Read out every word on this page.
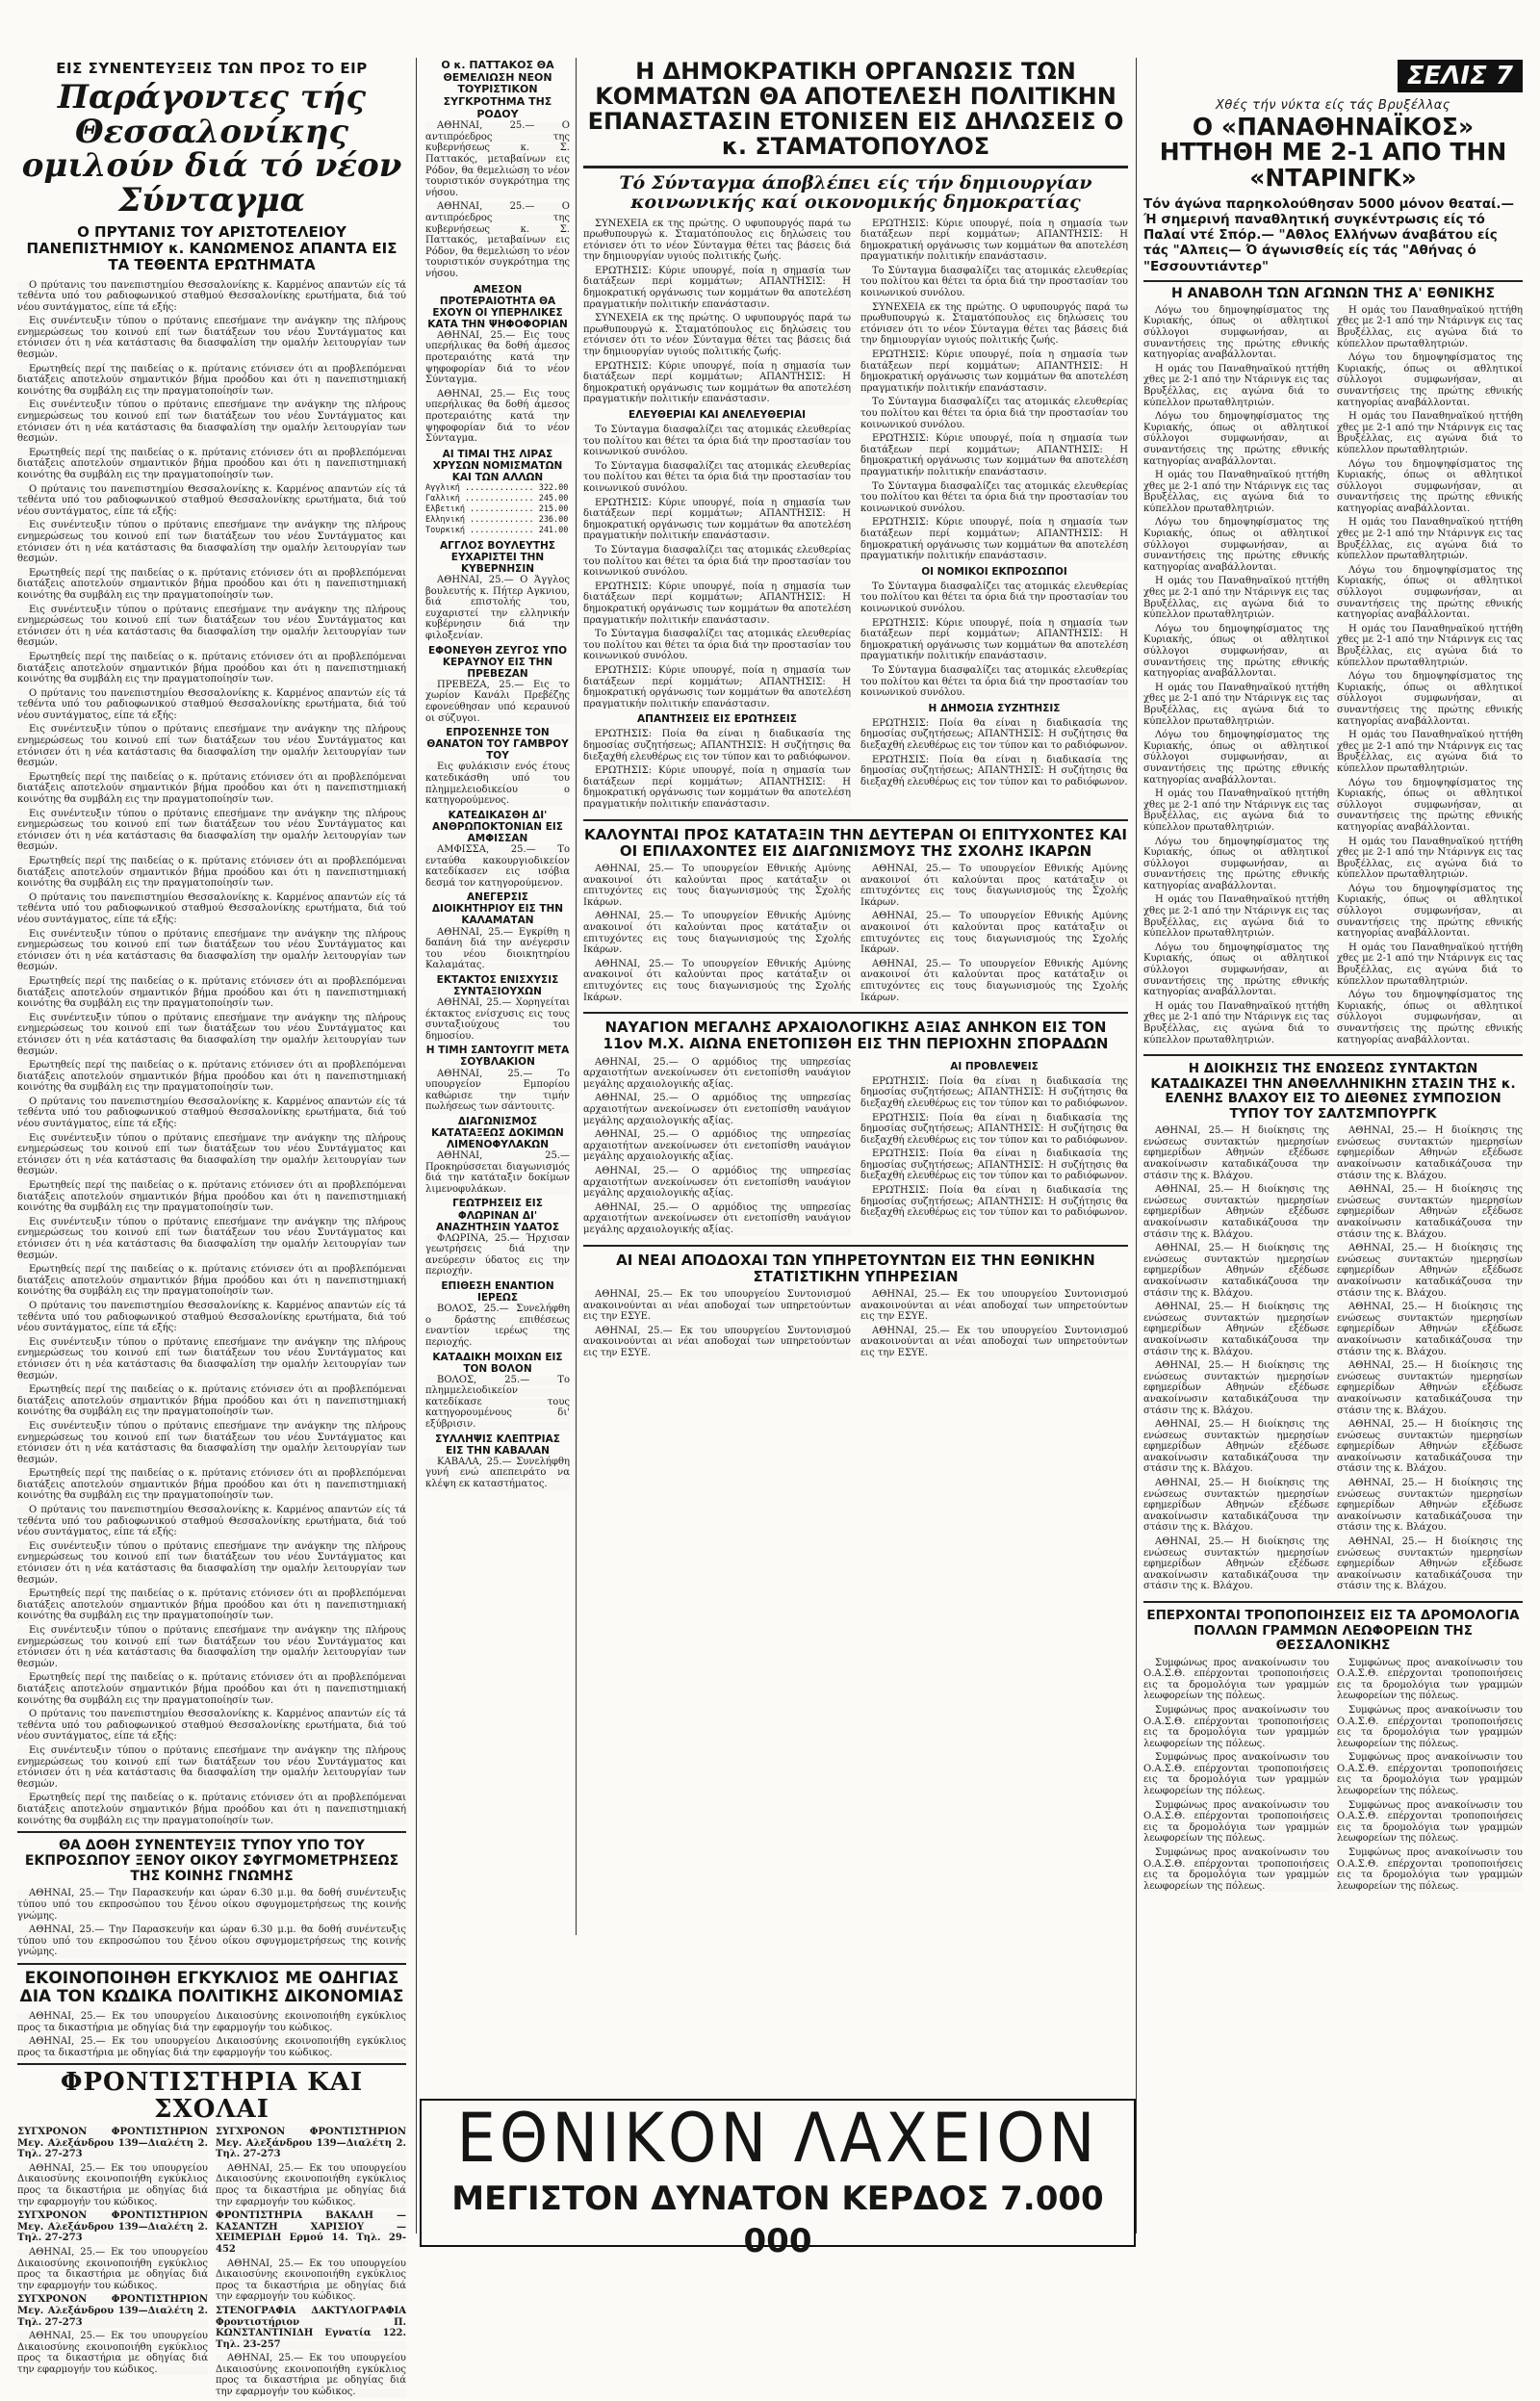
ΕΙΣ ΣΥΝΕΝΤΕΥΞΕΙΣ ΤΩΝ ΠΡΟΣ ΤΟ ΕΙΡ
Παράγοντες τής Θεσσαλονίκης ομιλούν διά τό νέον Σύνταγμα
Ο ΠΡΥΤΑΝΙΣ ΤΟΥ ΑΡΙΣΤΟΤΕΛΕΙΟΥ ΠΑΝΕΠΙΣΤΗΜΙΟΥ κ. ΚΑΝΩΜΕΝΟΣ ΑΠΑΝΤΑ ΕΙΣ ΤΑ ΤΕΘΕΝΤΑ ΕΡΩΤΗΜΑΤΑ

Ο πρύτανις του πανεπιστημίου Θεσσαλονίκης κ. Καρμένος απαντών είς τά τεθέντα υπό του ραδιοφωνικού σταθμού Θεσσαλονίκης ερωτήματα, διά τού νέου συντάγματος, είπε τά εξής:

Εις συνέντευξιν τύπου ο πρύτανις επεσήμανε την ανάγκην της πλήρους ενημερώσεως του κοινού επί των διατάξεων του νέου Συντάγματος και ετόνισεν ότι η νέα κατάστασις θα διασφαλίση την ομαλήν λειτουργίαν των θεσμών.

Ερωτηθείς περί της παιδείας ο κ. πρύτανις ετόνισεν ότι αι προβλεπόμεναι διατάξεις αποτελούν σημαντικόν βήμα προόδου και ότι η πανεπιστημιακή κοινότης θα συμβάλη εις την πραγματοποίησίν των.

Εις συνέντευξιν τύπου ο πρύτανις επεσήμανε την ανάγκην της πλήρους ενημερώσεως του κοινού επί των διατάξεων του νέου Συντάγματος και ετόνισεν ότι η νέα κατάστασις θα διασφαλίση την ομαλήν λειτουργίαν των θεσμών.

Ερωτηθείς περί της παιδείας ο κ. πρύτανις ετόνισεν ότι αι προβλεπόμεναι διατάξεις αποτελούν σημαντικόν βήμα προόδου και ότι η πανεπιστημιακή κοινότης θα συμβάλη εις την πραγματοποίησίν των.

Ο πρύτανις του πανεπιστημίου Θεσσαλονίκης κ. Καρμένος απαντών είς τά τεθέντα υπό του ραδιοφωνικού σταθμού Θεσσαλονίκης ερωτήματα, διά τού νέου συντάγματος, είπε τά εξής:

Εις συνέντευξιν τύπου ο πρύτανις επεσήμανε την ανάγκην της πλήρους ενημερώσεως του κοινού επί των διατάξεων του νέου Συντάγματος και ετόνισεν ότι η νέα κατάστασις θα διασφαλίση την ομαλήν λειτουργίαν των θεσμών.

Ερωτηθείς περί της παιδείας ο κ. πρύτανις ετόνισεν ότι αι προβλεπόμεναι διατάξεις αποτελούν σημαντικόν βήμα προόδου και ότι η πανεπιστημιακή κοινότης θα συμβάλη εις την πραγματοποίησίν των.

Εις συνέντευξιν τύπου ο πρύτανις επεσήμανε την ανάγκην της πλήρους ενημερώσεως του κοινού επί των διατάξεων του νέου Συντάγματος και ετόνισεν ότι η νέα κατάστασις θα διασφαλίση την ομαλήν λειτουργίαν των θεσμών.

Ερωτηθείς περί της παιδείας ο κ. πρύτανις ετόνισεν ότι αι προβλεπόμεναι διατάξεις αποτελούν σημαντικόν βήμα προόδου και ότι η πανεπιστημιακή κοινότης θα συμβάλη εις την πραγματοποίησίν των.

Ο πρύτανις του πανεπιστημίου Θεσσαλονίκης κ. Καρμένος απαντών είς τά τεθέντα υπό του ραδιοφωνικού σταθμού Θεσσαλονίκης ερωτήματα, διά τού νέου συντάγματος, είπε τά εξής:

Εις συνέντευξιν τύπου ο πρύτανις επεσήμανε την ανάγκην της πλήρους ενημερώσεως του κοινού επί των διατάξεων του νέου Συντάγματος και ετόνισεν ότι η νέα κατάστασις θα διασφαλίση την ομαλήν λειτουργίαν των θεσμών.

Ερωτηθείς περί της παιδείας ο κ. πρύτανις ετόνισεν ότι αι προβλεπόμεναι διατάξεις αποτελούν σημαντικόν βήμα προόδου και ότι η πανεπιστημιακή κοινότης θα συμβάλη εις την πραγματοποίησίν των.

Εις συνέντευξιν τύπου ο πρύτανις επεσήμανε την ανάγκην της πλήρους ενημερώσεως του κοινού επί των διατάξεων του νέου Συντάγματος και ετόνισεν ότι η νέα κατάστασις θα διασφαλίση την ομαλήν λειτουργίαν των θεσμών.

Ερωτηθείς περί της παιδείας ο κ. πρύτανις ετόνισεν ότι αι προβλεπόμεναι διατάξεις αποτελούν σημαντικόν βήμα προόδου και ότι η πανεπιστημιακή κοινότης θα συμβάλη εις την πραγματοποίησίν των.

Ο πρύτανις του πανεπιστημίου Θεσσαλονίκης κ. Καρμένος απαντών είς τά τεθέντα υπό του ραδιοφωνικού σταθμού Θεσσαλονίκης ερωτήματα, διά τού νέου συντάγματος, είπε τά εξής:

Εις συνέντευξιν τύπου ο πρύτανις επεσήμανε την ανάγκην της πλήρους ενημερώσεως του κοινού επί των διατάξεων του νέου Συντάγματος και ετόνισεν ότι η νέα κατάστασις θα διασφαλίση την ομαλήν λειτουργίαν των θεσμών.

Ερωτηθείς περί της παιδείας ο κ. πρύτανις ετόνισεν ότι αι προβλεπόμεναι διατάξεις αποτελούν σημαντικόν βήμα προόδου και ότι η πανεπιστημιακή κοινότης θα συμβάλη εις την πραγματοποίησίν των.

Εις συνέντευξιν τύπου ο πρύτανις επεσήμανε την ανάγκην της πλήρους ενημερώσεως του κοινού επί των διατάξεων του νέου Συντάγματος και ετόνισεν ότι η νέα κατάστασις θα διασφαλίση την ομαλήν λειτουργίαν των θεσμών.

Ερωτηθείς περί της παιδείας ο κ. πρύτανις ετόνισεν ότι αι προβλεπόμεναι διατάξεις αποτελούν σημαντικόν βήμα προόδου και ότι η πανεπιστημιακή κοινότης θα συμβάλη εις την πραγματοποίησίν των.

Ο πρύτανις του πανεπιστημίου Θεσσαλονίκης κ. Καρμένος απαντών είς τά τεθέντα υπό του ραδιοφωνικού σταθμού Θεσσαλονίκης ερωτήματα, διά τού νέου συντάγματος, είπε τά εξής:

Εις συνέντευξιν τύπου ο πρύτανις επεσήμανε την ανάγκην της πλήρους ενημερώσεως του κοινού επί των διατάξεων του νέου Συντάγματος και ετόνισεν ότι η νέα κατάστασις θα διασφαλίση την ομαλήν λειτουργίαν των θεσμών.

Ερωτηθείς περί της παιδείας ο κ. πρύτανις ετόνισεν ότι αι προβλεπόμεναι διατάξεις αποτελούν σημαντικόν βήμα προόδου και ότι η πανεπιστημιακή κοινότης θα συμβάλη εις την πραγματοποίησίν των.

Εις συνέντευξιν τύπου ο πρύτανις επεσήμανε την ανάγκην της πλήρους ενημερώσεως του κοινού επί των διατάξεων του νέου Συντάγματος και ετόνισεν ότι η νέα κατάστασις θα διασφαλίση την ομαλήν λειτουργίαν των θεσμών.

Ερωτηθείς περί της παιδείας ο κ. πρύτανις ετόνισεν ότι αι προβλεπόμεναι διατάξεις αποτελούν σημαντικόν βήμα προόδου και ότι η πανεπιστημιακή κοινότης θα συμβάλη εις την πραγματοποίησίν των.

Ο πρύτανις του πανεπιστημίου Θεσσαλονίκης κ. Καρμένος απαντών είς τά τεθέντα υπό του ραδιοφωνικού σταθμού Θεσσαλονίκης ερωτήματα, διά τού νέου συντάγματος, είπε τά εξής:

Εις συνέντευξιν τύπου ο πρύτανις επεσήμανε την ανάγκην της πλήρους ενημερώσεως του κοινού επί των διατάξεων του νέου Συντάγματος και ετόνισεν ότι η νέα κατάστασις θα διασφαλίση την ομαλήν λειτουργίαν των θεσμών.

Ερωτηθείς περί της παιδείας ο κ. πρύτανις ετόνισεν ότι αι προβλεπόμεναι διατάξεις αποτελούν σημαντικόν βήμα προόδου και ότι η πανεπιστημιακή κοινότης θα συμβάλη εις την πραγματοποίησίν των.

Εις συνέντευξιν τύπου ο πρύτανις επεσήμανε την ανάγκην της πλήρους ενημερώσεως του κοινού επί των διατάξεων του νέου Συντάγματος και ετόνισεν ότι η νέα κατάστασις θα διασφαλίση την ομαλήν λειτουργίαν των θεσμών.

Ερωτηθείς περί της παιδείας ο κ. πρύτανις ετόνισεν ότι αι προβλεπόμεναι διατάξεις αποτελούν σημαντικόν βήμα προόδου και ότι η πανεπιστημιακή κοινότης θα συμβάλη εις την πραγματοποίησίν των.

Ο πρύτανις του πανεπιστημίου Θεσσαλονίκης κ. Καρμένος απαντών είς τά τεθέντα υπό του ραδιοφωνικού σταθμού Θεσσαλονίκης ερωτήματα, διά τού νέου συντάγματος, είπε τά εξής:

Εις συνέντευξιν τύπου ο πρύτανις επεσήμανε την ανάγκην της πλήρους ενημερώσεως του κοινού επί των διατάξεων του νέου Συντάγματος και ετόνισεν ότι η νέα κατάστασις θα διασφαλίση την ομαλήν λειτουργίαν των θεσμών.

Ερωτηθείς περί της παιδείας ο κ. πρύτανις ετόνισεν ότι αι προβλεπόμεναι διατάξεις αποτελούν σημαντικόν βήμα προόδου και ότι η πανεπιστημιακή κοινότης θα συμβάλη εις την πραγματοποίησίν των.

Εις συνέντευξιν τύπου ο πρύτανις επεσήμανε την ανάγκην της πλήρους ενημερώσεως του κοινού επί των διατάξεων του νέου Συντάγματος και ετόνισεν ότι η νέα κατάστασις θα διασφαλίση την ομαλήν λειτουργίαν των θεσμών.

Ερωτηθείς περί της παιδείας ο κ. πρύτανις ετόνισεν ότι αι προβλεπόμεναι διατάξεις αποτελούν σημαντικόν βήμα προόδου και ότι η πανεπιστημιακή κοινότης θα συμβάλη εις την πραγματοποίησίν των.

Ο πρύτανις του πανεπιστημίου Θεσσαλονίκης κ. Καρμένος απαντών είς τά τεθέντα υπό του ραδιοφωνικού σταθμού Θεσσαλονίκης ερωτήματα, διά τού νέου συντάγματος, είπε τά εξής:

Εις συνέντευξιν τύπου ο πρύτανις επεσήμανε την ανάγκην της πλήρους ενημερώσεως του κοινού επί των διατάξεων του νέου Συντάγματος και ετόνισεν ότι η νέα κατάστασις θα διασφαλίση την ομαλήν λειτουργίαν των θεσμών.

Ερωτηθείς περί της παιδείας ο κ. πρύτανις ετόνισεν ότι αι προβλεπόμεναι διατάξεις αποτελούν σημαντικόν βήμα προόδου και ότι η πανεπιστημιακή κοινότης θα συμβάλη εις την πραγματοποίησίν των.

ΘΑ ΔΟΘΗ ΣΥΝΕΝΤΕΥΞΙΣ ΤΥΠΟΥ ΥΠΟ ΤΟΥ ΕΚΠΡΟΣΩΠΟΥ ΞΕΝΟΥ ΟΙΚΟΥ ΣΦΥΓΜΟΜΕΤΡΗΣΕΩΣ ΤΗΣ ΚΟΙΝΗΣ ΓΝΩΜΗΣ

ΑΘΗΝΑΙ, 25.— Την Παρασκευήν και ώραν 6.30 μ.μ. θα δοθή συνέντευξις τύπου υπό του εκπροσώπου του ξένου οίκου σφυγμομετρήσεως της κοινής γνώμης.

ΑΘΗΝΑΙ, 25.— Την Παρασκευήν και ώραν 6.30 μ.μ. θα δοθή συνέντευξις τύπου υπό του εκπροσώπου του ξένου οίκου σφυγμομετρήσεως της κοινής γνώμης.

ΕΚΟΙΝΟΠΟΙΗΘΗ ΕΓΚΥΚΛΙΟΣ ΜΕ ΟΔΗΓΙΑΣ ΔΙΑ ΤΟΝ ΚΩΔΙΚΑ ΠΟΛΙΤΙΚΗΣ ΔΙΚΟΝΟΜΙΑΣ

ΑΘΗΝΑΙ, 25.— Εκ του υπουργείου Δικαιοσύνης εκοινοποιήθη εγκύκλιος προς τα δικαστήρια με οδηγίας διά την εφαρμογήν του κώδικος.

ΑΘΗΝΑΙ, 25.— Εκ του υπουργείου Δικαιοσύνης εκοινοποιήθη εγκύκλιος προς τα δικαστήρια με οδηγίας διά την εφαρμογήν του κώδικος.

ΦΡΟΝΤΙΣΤΗΡΙΑ ΚΑΙ ΣΧΟΛΑΙ

ΣΥΓΧΡΟΝΟΝ ΦΡΟΝΤΙΣΤΗΡΙΟΝ Μεγ. Αλεξάνδρου 139—Διαλέτη 2. Τηλ. 27-273

ΑΘΗΝΑΙ, 25.— Εκ του υπουργείου Δικαιοσύνης εκοινοποιήθη εγκύκλιος προς τα δικαστήρια με οδηγίας διά την εφαρμογήν του κώδικος.

ΣΥΓΧΡΟΝΟΝ ΦΡΟΝΤΙΣΤΗΡΙΟΝ Μεγ. Αλεξάνδρου 139—Διαλέτη 2. Τηλ. 27-273

ΑΘΗΝΑΙ, 25.— Εκ του υπουργείου Δικαιοσύνης εκοινοποιήθη εγκύκλιος προς τα δικαστήρια με οδηγίας διά την εφαρμογήν του κώδικος.

ΣΥΓΧΡΟΝΟΝ ΦΡΟΝΤΙΣΤΗΡΙΟΝ Μεγ. Αλεξάνδρου 139—Διαλέτη 2. Τηλ. 27-273

ΑΘΗΝΑΙ, 25.— Εκ του υπουργείου Δικαιοσύνης εκοινοποιήθη εγκύκλιος προς τα δικαστήρια με οδηγίας διά την εφαρμογήν του κώδικος.

ΣΥΓΧΡΟΝΟΝ ΦΡΟΝΤΙΣΤΗΡΙΟΝ Μεγ. Αλεξάνδρου 139—Διαλέτη 2. Τηλ. 27-273

ΑΘΗΝΑΙ, 25.— Εκ του υπουργείου Δικαιοσύνης εκοινοποιήθη εγκύκλιος προς τα δικαστήρια με οδηγίας διά την εφαρμογήν του κώδικος.

ΦΡΟΝΤΙΣΤΗΡΙΑ ΒΑΚΑΛΗ — ΚΑΣΑΝΤΖΗ ΧΑΡΙΣΙΟΥ — ΧΕΙΜΕΡΙΔΗ Ερμού 14. Τηλ. 29-452

ΑΘΗΝΑΙ, 25.— Εκ του υπουργείου Δικαιοσύνης εκοινοποιήθη εγκύκλιος προς τα δικαστήρια με οδηγίας διά την εφαρμογήν του κώδικος.

ΣΤΕΝΟΓΡΑΦΙΑ ΔΑΚΤΥΛΟΓΡΑΦΙΑ Φροντιστήριον Π. ΚΩΝΣΤΑΝΤΙΝΙΔΗ Εγνατία 122. Τηλ. 23-257

ΑΘΗΝΑΙ, 25.— Εκ του υπουργείου Δικαιοσύνης εκοινοποιήθη εγκύκλιος προς τα δικαστήρια με οδηγίας διά την εφαρμογήν του κώδικος.

Ο κ. ΠΑΤΤΑΚΟΣ ΘΑ ΘΕΜΕΛΙΩΣΗ ΝΕΟΝ ΤΟΥΡΙΣΤΙΚΟΝ ΣΥΓΚΡΟΤΗΜΑ ΤΗΣ ΡΟΔΟΥ

ΑΘΗΝΑΙ, 25.— Ο αντιπρόεδρος της κυβερνήσεως κ. Σ. Παττακός, μεταβαίνων εις Ρόδον, θα θεμελιώση το νέον τουριστικόν συγκρότημα της νήσου.

ΑΘΗΝΑΙ, 25.— Ο αντιπρόεδρος της κυβερνήσεως κ. Σ. Παττακός, μεταβαίνων εις Ρόδον, θα θεμελιώση το νέον τουριστικόν συγκρότημα της νήσου.

ΑΜΕΣΟΝ ΠΡΟΤΕΡΑΙΟΤΗΤΑ ΘΑ ΕΧΟΥΝ ΟΙ ΥΠΕΡΗΛΙΚΕΣ ΚΑΤΑ ΤΗΝ ΨΗΦΟΦΟΡΙΑΝ

ΑΘΗΝΑΙ, 25.— Εις τους υπερήλικας θα δοθή άμεσος προτεραιότης κατά την ψηφοφορίαν διά το νέον Σύνταγμα.

ΑΘΗΝΑΙ, 25.— Εις τους υπερήλικας θα δοθή άμεσος προτεραιότης κατά την ψηφοφορίαν διά το νέον Σύνταγμα.

ΑΙ ΤΙΜΑΙ ΤΗΣ ΛΙΡΑΣ ΧΡΥΣΩΝ ΝΟΜΙΣΜΑΤΩΝ ΚΑΙ ΤΩΝ ΑΛΛΩΝ
Αγγλική .............. 322.00
Γαλλική .............. 245.00
Ελβετική ............. 215.00
Ελληνική ............. 236.00
Τουρκική ............. 241.00
ΑΓΓΛΟΣ ΒΟΥΛΕΥΤΗΣ ΕΥΧΑΡΙΣΤΕΙ ΤΗΝ ΚΥΒΕΡΝΗΣΙΝ

ΑΘΗΝΑΙ, 25.— Ο Άγγλος βουλευτής κ. Πήτερ Αγκνιου, διά επιστολής του, ευχαριστεί την ελληνικήν κυβέρνησιν διά την φιλοξενίαν.

ΕΦΟΝΕΥΘΗ ΖΕΥΓΟΣ ΥΠΟ ΚΕΡΑΥΝΟΥ ΕΙΣ ΤΗΝ ΠΡΕΒΕΖΑΝ

ΠΡΕΒΕΖΑ, 25.— Εις το χωρίον Κανάλι Πρεβέζης εφονεύθησαν υπό κεραυνού οι σύζυγοι.

ΕΠΡΟΣΕΝΗΣΕ ΤΟΝ ΘΑΝΑΤΟΝ ΤΟΥ ΓΑΜΒΡΟΥ ΤΟΥ

Εις φυλάκισιν ενός έτους κατεδικάσθη υπό του πλημμελειοδικείου ο κατηγορούμενος.

ΚΑΤΕΔΙΚΑΣΘΗ ΔΙ' ΑΝΘΡΩΠΟΚΤΟΝΙΑΝ ΕΙΣ ΑΜΦΙΣΣΑΝ

ΑΜΦΙΣΣΑ, 25.— Το ενταύθα κακουργιοδικείον κατεδίκασεν εις ισόβια δεσμά τον κατηγορούμενον.

ΑΝΕΓΕΡΣΙΣ ΔΙΟΙΚΗΤΗΡΙΟΥ ΕΙΣ ΤΗΝ ΚΑΛΑΜΑΤΑΝ

ΑΘΗΝΑΙ, 25.— Εγκρίθη η δαπάνη διά την ανέγερσιν του νέου διοικητηρίου Καλαμάτας.

ΕΚΤΑΚΤΟΣ ΕΝΙΣΧΥΣΙΣ ΣΥΝΤΑΞΙΟΥΧΩΝ

ΑΘΗΝΑΙ, 25.— Χορηγείται έκτακτος ενίσχυσις εις τους συνταξιούχους του δημοσίου.

Η ΤΙΜΗ ΣΑΝΤΟΥΓΙΤ ΜΕΤΑ ΣΟΥΒΛΑΚΙΟΝ

ΑΘΗΝΑΙ, 25.— Το υπουργείον Εμπορίου καθώρισε την τιμήν πωλήσεως των σάντουιτς.

ΔΙΑΓΩΝΙΣΜΟΣ ΚΑΤΑΤΑΞΕΩΣ ΔΟΚΙΜΩΝ ΛΙΜΕΝΟΦΥΛΑΚΩΝ

ΑΘΗΝΑΙ, 25.— Προκηρύσσεται διαγωνισμός διά την κατάταξιν δοκίμων λιμενοφυλάκων.

ΓΕΩΤΡΗΣΕΙΣ ΕΙΣ ΦΛΩΡΙΝΑΝ ΔΙ' ΑΝΑΖΗΤΗΣΙΝ ΥΔΑΤΟΣ

ΦΛΩΡΙΝΑ, 25.— Ήρχισαν γεωτρήσεις διά την ανεύρεσιν ύδατος εις την περιοχήν.

ΕΠΙΘΕΣΗ ΕΝΑΝΤΙΟΝ ΙΕΡΕΩΣ

ΒΟΛΟΣ, 25.— Συνελήφθη ο δράστης επιθέσεως εναντίον ιερέως της περιοχής.

ΚΑΤΑΔΙΚΗ ΜΟΙΧΩΝ ΕΙΣ ΤΟΝ ΒΟΛΟΝ

ΒΟΛΟΣ, 25.— Το πλημμελειοδικείον κατεδίκασε τους κατηγορουμένους δι' εξύβρισιν.

ΣΥΛΛΗΨΙΣ ΚΛΕΠΤΡΙΑΣ ΕΙΣ ΤΗΝ ΚΑΒΑΛΑΝ

ΚΑΒΑΛΑ, 25.— Συνελήφθη γυνή ενώ απεπειράτο να κλέψη εκ καταστήματος.

Η ΔΗΜΟΚΡΑΤΙΚΗ ΟΡΓΑΝΩΣΙΣ ΤΩΝ ΚΟΜΜΑΤΩΝ ΘΑ ΑΠΟΤΕΛΕΣΗ ΠΟΛΙΤΙΚΗΝ ΕΠΑΝΑΣΤΑΣΙΝ ΕΤΟΝΙΣΕΝ ΕΙΣ ΔΗΛΩΣΕΙΣ Ο κ. ΣΤΑΜΑΤΟΠΟΥΛΟΣ
Τό Σύνταγμα άποβλέπει είς τήν δημιουργίαν κοινωνικής καί οικονομικής δημοκρατίας

ΣΥΝΕΧΕΙΑ εκ της πρώτης. Ο υφυπουργός παρά τω πρωθυπουργώ κ. Σταματόπουλος εις δηλώσεις του ετόνισεν ότι το νέον Σύνταγμα θέτει τας βάσεις διά την δημιουργίαν υγιούς πολιτικής ζωής.

ΕΡΩΤΗΣΙΣ: Κύριε υπουργέ, ποία η σημασία των διατάξεων περί κομμάτων; ΑΠΑΝΤΗΣΙΣ: Η δημοκρατική οργάνωσις των κομμάτων θα αποτελέση πραγματικήν πολιτικήν επανάστασιν.

ΣΥΝΕΧΕΙΑ εκ της πρώτης. Ο υφυπουργός παρά τω πρωθυπουργώ κ. Σταματόπουλος εις δηλώσεις του ετόνισεν ότι το νέον Σύνταγμα θέτει τας βάσεις διά την δημιουργίαν υγιούς πολιτικής ζωής.

ΕΡΩΤΗΣΙΣ: Κύριε υπουργέ, ποία η σημασία των διατάξεων περί κομμάτων; ΑΠΑΝΤΗΣΙΣ: Η δημοκρατική οργάνωσις των κομμάτων θα αποτελέση πραγματικήν πολιτικήν επανάστασιν.

ΕΛΕΥΘΕΡΙΑΙ ΚΑΙ ΑΝΕΛΕΥΘΕΡΙΑΙ

Το Σύνταγμα διασφαλίζει τας ατομικάς ελευθερίας του πολίτου και θέτει τα όρια διά την προστασίαν του κοινωνικού συνόλου.

Το Σύνταγμα διασφαλίζει τας ατομικάς ελευθερίας του πολίτου και θέτει τα όρια διά την προστασίαν του κοινωνικού συνόλου.

ΕΡΩΤΗΣΙΣ: Κύριε υπουργέ, ποία η σημασία των διατάξεων περί κομμάτων; ΑΠΑΝΤΗΣΙΣ: Η δημοκρατική οργάνωσις των κομμάτων θα αποτελέση πραγματικήν πολιτικήν επανάστασιν.

Το Σύνταγμα διασφαλίζει τας ατομικάς ελευθερίας του πολίτου και θέτει τα όρια διά την προστασίαν του κοινωνικού συνόλου.

ΕΡΩΤΗΣΙΣ: Κύριε υπουργέ, ποία η σημασία των διατάξεων περί κομμάτων; ΑΠΑΝΤΗΣΙΣ: Η δημοκρατική οργάνωσις των κομμάτων θα αποτελέση πραγματικήν πολιτικήν επανάστασιν.

Το Σύνταγμα διασφαλίζει τας ατομικάς ελευθερίας του πολίτου και θέτει τα όρια διά την προστασίαν του κοινωνικού συνόλου.

ΕΡΩΤΗΣΙΣ: Κύριε υπουργέ, ποία η σημασία των διατάξεων περί κομμάτων; ΑΠΑΝΤΗΣΙΣ: Η δημοκρατική οργάνωσις των κομμάτων θα αποτελέση πραγματικήν πολιτικήν επανάστασιν.

ΑΠΑΝΤΗΣΕΙΣ ΕΙΣ ΕΡΩΤΗΣΕΙΣ

ΕΡΩΤΗΣΙΣ: Ποία θα είναι η διαδικασία της δημοσίας συζητήσεως; ΑΠΑΝΤΗΣΙΣ: Η συζήτησις θα διεξαχθή ελευθέρως εις τον τύπον και το ραδιόφωνον.

ΕΡΩΤΗΣΙΣ: Κύριε υπουργέ, ποία η σημασία των διατάξεων περί κομμάτων; ΑΠΑΝΤΗΣΙΣ: Η δημοκρατική οργάνωσις των κομμάτων θα αποτελέση πραγματικήν πολιτικήν επανάστασιν.

ΕΡΩΤΗΣΙΣ: Κύριε υπουργέ, ποία η σημασία των διατάξεων περί κομμάτων; ΑΠΑΝΤΗΣΙΣ: Η δημοκρατική οργάνωσις των κομμάτων θα αποτελέση πραγματικήν πολιτικήν επανάστασιν.

Το Σύνταγμα διασφαλίζει τας ατομικάς ελευθερίας του πολίτου και θέτει τα όρια διά την προστασίαν του κοινωνικού συνόλου.

ΣΥΝΕΧΕΙΑ εκ της πρώτης. Ο υφυπουργός παρά τω πρωθυπουργώ κ. Σταματόπουλος εις δηλώσεις του ετόνισεν ότι το νέον Σύνταγμα θέτει τας βάσεις διά την δημιουργίαν υγιούς πολιτικής ζωής.

ΕΡΩΤΗΣΙΣ: Κύριε υπουργέ, ποία η σημασία των διατάξεων περί κομμάτων; ΑΠΑΝΤΗΣΙΣ: Η δημοκρατική οργάνωσις των κομμάτων θα αποτελέση πραγματικήν πολιτικήν επανάστασιν.

Το Σύνταγμα διασφαλίζει τας ατομικάς ελευθερίας του πολίτου και θέτει τα όρια διά την προστασίαν του κοινωνικού συνόλου.

ΕΡΩΤΗΣΙΣ: Κύριε υπουργέ, ποία η σημασία των διατάξεων περί κομμάτων; ΑΠΑΝΤΗΣΙΣ: Η δημοκρατική οργάνωσις των κομμάτων θα αποτελέση πραγματικήν πολιτικήν επανάστασιν.

Το Σύνταγμα διασφαλίζει τας ατομικάς ελευθερίας του πολίτου και θέτει τα όρια διά την προστασίαν του κοινωνικού συνόλου.

ΕΡΩΤΗΣΙΣ: Κύριε υπουργέ, ποία η σημασία των διατάξεων περί κομμάτων; ΑΠΑΝΤΗΣΙΣ: Η δημοκρατική οργάνωσις των κομμάτων θα αποτελέση πραγματικήν πολιτικήν επανάστασιν.

ΟΙ ΝΟΜΙΚΟΙ ΕΚΠΡΟΣΩΠΟΙ

Το Σύνταγμα διασφαλίζει τας ατομικάς ελευθερίας του πολίτου και θέτει τα όρια διά την προστασίαν του κοινωνικού συνόλου.

ΕΡΩΤΗΣΙΣ: Κύριε υπουργέ, ποία η σημασία των διατάξεων περί κομμάτων; ΑΠΑΝΤΗΣΙΣ: Η δημοκρατική οργάνωσις των κομμάτων θα αποτελέση πραγματικήν πολιτικήν επανάστασιν.

Το Σύνταγμα διασφαλίζει τας ατομικάς ελευθερίας του πολίτου και θέτει τα όρια διά την προστασίαν του κοινωνικού συνόλου.

Η ΔΗΜΟΣΙΑ ΣΥΖΗΤΗΣΙΣ

ΕΡΩΤΗΣΙΣ: Ποία θα είναι η διαδικασία της δημοσίας συζητήσεως; ΑΠΑΝΤΗΣΙΣ: Η συζήτησις θα διεξαχθή ελευθέρως εις τον τύπον και το ραδιόφωνον.

ΕΡΩΤΗΣΙΣ: Ποία θα είναι η διαδικασία της δημοσίας συζητήσεως; ΑΠΑΝΤΗΣΙΣ: Η συζήτησις θα διεξαχθή ελευθέρως εις τον τύπον και το ραδιόφωνον.

ΚΑΛΟΥΝΤΑΙ ΠΡΟΣ ΚΑΤΑΤΑΞΙΝ ΤΗΝ ΔΕΥΤΕΡΑΝ ΟΙ ΕΠΙΤΥΧΟΝΤΕΣ ΚΑΙ ΟΙ ΕΠΙΛΑΧΟΝΤΕΣ ΕΙΣ ΔΙΑΓΩΝΙΣΜΟΥΣ ΤΗΣ ΣΧΟΛΗΣ ΙΚΑΡΩΝ

ΑΘΗΝΑΙ, 25.— Το υπουργείον Εθνικής Αμύνης ανακοινοί ότι καλούνται προς κατάταξιν οι επιτυχόντες εις τους διαγωνισμούς της Σχολής Ικάρων.

ΑΘΗΝΑΙ, 25.— Το υπουργείον Εθνικής Αμύνης ανακοινοί ότι καλούνται προς κατάταξιν οι επιτυχόντες εις τους διαγωνισμούς της Σχολής Ικάρων.

ΑΘΗΝΑΙ, 25.— Το υπουργείον Εθνικής Αμύνης ανακοινοί ότι καλούνται προς κατάταξιν οι επιτυχόντες εις τους διαγωνισμούς της Σχολής Ικάρων.

ΑΘΗΝΑΙ, 25.— Το υπουργείον Εθνικής Αμύνης ανακοινοί ότι καλούνται προς κατάταξιν οι επιτυχόντες εις τους διαγωνισμούς της Σχολής Ικάρων.

ΑΘΗΝΑΙ, 25.— Το υπουργείον Εθνικής Αμύνης ανακοινοί ότι καλούνται προς κατάταξιν οι επιτυχόντες εις τους διαγωνισμούς της Σχολής Ικάρων.

ΑΘΗΝΑΙ, 25.— Το υπουργείον Εθνικής Αμύνης ανακοινοί ότι καλούνται προς κατάταξιν οι επιτυχόντες εις τους διαγωνισμούς της Σχολής Ικάρων.

ΝΑΥΑΓΙΟΝ ΜΕΓΑΛΗΣ ΑΡΧΑΙΟΛΟΓΙΚΗΣ ΑΞΙΑΣ ΑΝΗΚΟΝ ΕΙΣ ΤΟΝ 11ον Μ.Χ. ΑΙΩΝΑ ΕΝΕΤΟΠΙΣΘΗ ΕΙΣ ΤΗΝ ΠΕΡΙΟΧΗΝ ΣΠΟΡΑΔΩΝ

ΑΘΗΝΑΙ, 25.— Ο αρμόδιος της υπηρεσίας αρχαιοτήτων ανεκοίνωσεν ότι ενετοπίσθη ναυάγιον μεγάλης αρχαιολογικής αξίας.

ΑΘΗΝΑΙ, 25.— Ο αρμόδιος της υπηρεσίας αρχαιοτήτων ανεκοίνωσεν ότι ενετοπίσθη ναυάγιον μεγάλης αρχαιολογικής αξίας.

ΑΘΗΝΑΙ, 25.— Ο αρμόδιος της υπηρεσίας αρχαιοτήτων ανεκοίνωσεν ότι ενετοπίσθη ναυάγιον μεγάλης αρχαιολογικής αξίας.

ΑΘΗΝΑΙ, 25.— Ο αρμόδιος της υπηρεσίας αρχαιοτήτων ανεκοίνωσεν ότι ενετοπίσθη ναυάγιον μεγάλης αρχαιολογικής αξίας.

ΑΘΗΝΑΙ, 25.— Ο αρμόδιος της υπηρεσίας αρχαιοτήτων ανεκοίνωσεν ότι ενετοπίσθη ναυάγιον μεγάλης αρχαιολογικής αξίας.

ΑΙ ΠΡΟΒΛΕΨΕΙΣ

ΕΡΩΤΗΣΙΣ: Ποία θα είναι η διαδικασία της δημοσίας συζητήσεως; ΑΠΑΝΤΗΣΙΣ: Η συζήτησις θα διεξαχθή ελευθέρως εις τον τύπον και το ραδιόφωνον.

ΕΡΩΤΗΣΙΣ: Ποία θα είναι η διαδικασία της δημοσίας συζητήσεως; ΑΠΑΝΤΗΣΙΣ: Η συζήτησις θα διεξαχθή ελευθέρως εις τον τύπον και το ραδιόφωνον.

ΕΡΩΤΗΣΙΣ: Ποία θα είναι η διαδικασία της δημοσίας συζητήσεως; ΑΠΑΝΤΗΣΙΣ: Η συζήτησις θα διεξαχθή ελευθέρως εις τον τύπον και το ραδιόφωνον.

ΕΡΩΤΗΣΙΣ: Ποία θα είναι η διαδικασία της δημοσίας συζητήσεως; ΑΠΑΝΤΗΣΙΣ: Η συζήτησις θα διεξαχθή ελευθέρως εις τον τύπον και το ραδιόφωνον.

ΑΙ ΝΕΑΙ ΑΠΟΔΟΧΑΙ ΤΩΝ ΥΠΗΡΕΤΟΥΝΤΩΝ ΕΙΣ ΤΗΝ ΕΘΝΙΚΗΝ ΣΤΑΤΙΣΤΙΚΗΝ ΥΠΗΡΕΣΙΑΝ

ΑΘΗΝΑΙ, 25.— Εκ του υπουργείου Συντονισμού ανακοινούνται αι νέαι αποδοχαί των υπηρετούντων εις την ΕΣΥΕ.

ΑΘΗΝΑΙ, 25.— Εκ του υπουργείου Συντονισμού ανακοινούνται αι νέαι αποδοχαί των υπηρετούντων εις την ΕΣΥΕ.

ΑΘΗΝΑΙ, 25.— Εκ του υπουργείου Συντονισμού ανακοινούνται αι νέαι αποδοχαί των υπηρετούντων εις την ΕΣΥΕ.

ΑΘΗΝΑΙ, 25.— Εκ του υπουργείου Συντονισμού ανακοινούνται αι νέαι αποδοχαί των υπηρετούντων εις την ΕΣΥΕ.

ΣΕΛΙΣ 7
Χθές τήν νύκτα είς τάς Βρυξέλλας
Ο «ΠΑΝΑΘΗΝΑΪΚΟΣ» ΗΤΤΗΘΗ ΜΕ 2-1 ΑΠΟ ΤΗΝ «ΝΤΑΡΙΝΓΚ»
Τόν άγώνα παρηκολούθησαν 5000 μόνον θεαταί.— Ή σημερινή παναθλητική συγκέντρωσις είς τό Παλαί ντέ Σπόρ.— "Αθλος Ελλήνων άναβάτου είς τάς "Αλπεις— Ό άγωνισθείς είς τάς "Αθήνας ό "Εσσουντιάντερ"
Η ΑΝΑΒΟΛΗ ΤΩΝ ΑΓΩΝΩΝ ΤΗΣ Α' ΕΘΝΙΚΗΣ

Λόγω του δημοψηφίσματος της Κυριακής, όπως οι αθλητικοί σύλλογοι συμφωνήσαν, αι συναντήσεις της πρώτης εθνικής κατηγορίας αναβάλλονται.

Η ομάς του Παναθηναϊκού ηττήθη χθες με 2-1 από την Ντάρινγκ εις τας Βρυξέλλας, εις αγώνα διά το κύπελλον πρωταθλητριών.

Λόγω του δημοψηφίσματος της Κυριακής, όπως οι αθλητικοί σύλλογοι συμφωνήσαν, αι συναντήσεις της πρώτης εθνικής κατηγορίας αναβάλλονται.

Η ομάς του Παναθηναϊκού ηττήθη χθες με 2-1 από την Ντάρινγκ εις τας Βρυξέλλας, εις αγώνα διά το κύπελλον πρωταθλητριών.

Λόγω του δημοψηφίσματος της Κυριακής, όπως οι αθλητικοί σύλλογοι συμφωνήσαν, αι συναντήσεις της πρώτης εθνικής κατηγορίας αναβάλλονται.

Η ομάς του Παναθηναϊκού ηττήθη χθες με 2-1 από την Ντάρινγκ εις τας Βρυξέλλας, εις αγώνα διά το κύπελλον πρωταθλητριών.

Λόγω του δημοψηφίσματος της Κυριακής, όπως οι αθλητικοί σύλλογοι συμφωνήσαν, αι συναντήσεις της πρώτης εθνικής κατηγορίας αναβάλλονται.

Η ομάς του Παναθηναϊκού ηττήθη χθες με 2-1 από την Ντάρινγκ εις τας Βρυξέλλας, εις αγώνα διά το κύπελλον πρωταθλητριών.

Λόγω του δημοψηφίσματος της Κυριακής, όπως οι αθλητικοί σύλλογοι συμφωνήσαν, αι συναντήσεις της πρώτης εθνικής κατηγορίας αναβάλλονται.

Η ομάς του Παναθηναϊκού ηττήθη χθες με 2-1 από την Ντάρινγκ εις τας Βρυξέλλας, εις αγώνα διά το κύπελλον πρωταθλητριών.

Λόγω του δημοψηφίσματος της Κυριακής, όπως οι αθλητικοί σύλλογοι συμφωνήσαν, αι συναντήσεις της πρώτης εθνικής κατηγορίας αναβάλλονται.

Η ομάς του Παναθηναϊκού ηττήθη χθες με 2-1 από την Ντάρινγκ εις τας Βρυξέλλας, εις αγώνα διά το κύπελλον πρωταθλητριών.

Λόγω του δημοψηφίσματος της Κυριακής, όπως οι αθλητικοί σύλλογοι συμφωνήσαν, αι συναντήσεις της πρώτης εθνικής κατηγορίας αναβάλλονται.

Η ομάς του Παναθηναϊκού ηττήθη χθες με 2-1 από την Ντάρινγκ εις τας Βρυξέλλας, εις αγώνα διά το κύπελλον πρωταθλητριών.

Η ομάς του Παναθηναϊκού ηττήθη χθες με 2-1 από την Ντάρινγκ εις τας Βρυξέλλας, εις αγώνα διά το κύπελλον πρωταθλητριών.

Λόγω του δημοψηφίσματος της Κυριακής, όπως οι αθλητικοί σύλλογοι συμφωνήσαν, αι συναντήσεις της πρώτης εθνικής κατηγορίας αναβάλλονται.

Η ομάς του Παναθηναϊκού ηττήθη χθες με 2-1 από την Ντάρινγκ εις τας Βρυξέλλας, εις αγώνα διά το κύπελλον πρωταθλητριών.

Λόγω του δημοψηφίσματος της Κυριακής, όπως οι αθλητικοί σύλλογοι συμφωνήσαν, αι συναντήσεις της πρώτης εθνικής κατηγορίας αναβάλλονται.

Η ομάς του Παναθηναϊκού ηττήθη χθες με 2-1 από την Ντάρινγκ εις τας Βρυξέλλας, εις αγώνα διά το κύπελλον πρωταθλητριών.

Λόγω του δημοψηφίσματος της Κυριακής, όπως οι αθλητικοί σύλλογοι συμφωνήσαν, αι συναντήσεις της πρώτης εθνικής κατηγορίας αναβάλλονται.

Η ομάς του Παναθηναϊκού ηττήθη χθες με 2-1 από την Ντάρινγκ εις τας Βρυξέλλας, εις αγώνα διά το κύπελλον πρωταθλητριών.

Λόγω του δημοψηφίσματος της Κυριακής, όπως οι αθλητικοί σύλλογοι συμφωνήσαν, αι συναντήσεις της πρώτης εθνικής κατηγορίας αναβάλλονται.

Η ομάς του Παναθηναϊκού ηττήθη χθες με 2-1 από την Ντάρινγκ εις τας Βρυξέλλας, εις αγώνα διά το κύπελλον πρωταθλητριών.

Λόγω του δημοψηφίσματος της Κυριακής, όπως οι αθλητικοί σύλλογοι συμφωνήσαν, αι συναντήσεις της πρώτης εθνικής κατηγορίας αναβάλλονται.

Η ομάς του Παναθηναϊκού ηττήθη χθες με 2-1 από την Ντάρινγκ εις τας Βρυξέλλας, εις αγώνα διά το κύπελλον πρωταθλητριών.

Λόγω του δημοψηφίσματος της Κυριακής, όπως οι αθλητικοί σύλλογοι συμφωνήσαν, αι συναντήσεις της πρώτης εθνικής κατηγορίας αναβάλλονται.

Η ομάς του Παναθηναϊκού ηττήθη χθες με 2-1 από την Ντάρινγκ εις τας Βρυξέλλας, εις αγώνα διά το κύπελλον πρωταθλητριών.

Λόγω του δημοψηφίσματος της Κυριακής, όπως οι αθλητικοί σύλλογοι συμφωνήσαν, αι συναντήσεις της πρώτης εθνικής κατηγορίας αναβάλλονται.

Η ΔΙΟΙΚΗΣΙΣ ΤΗΣ ΕΝΩΣΕΩΣ ΣΥΝΤΑΚΤΩΝ ΚΑΤΑΔΙΚΑΖΕΙ ΤΗΝ ΑΝΘΕΛΛΗΝΙΚΗΝ ΣΤΑΣΙΝ ΤΗΣ κ. ΕΛΕΝΗΣ ΒΛΑΧΟΥ ΕΙΣ ΤΟ ΔΙΕΘΝΕΣ ΣΥΜΠΟΣΙΟΝ ΤΥΠΟΥ ΤΟΥ ΣΑΛΤΣΜΠΟΥΡΓΚ

ΑΘΗΝΑΙ, 25.— Η διοίκησις της ενώσεως συντακτών ημερησίων εφημερίδων Αθηνών εξέδωσε ανακοίνωσιν καταδικάζουσα την στάσιν της κ. Βλάχου.

ΑΘΗΝΑΙ, 25.— Η διοίκησις της ενώσεως συντακτών ημερησίων εφημερίδων Αθηνών εξέδωσε ανακοίνωσιν καταδικάζουσα την στάσιν της κ. Βλάχου.

ΑΘΗΝΑΙ, 25.— Η διοίκησις της ενώσεως συντακτών ημερησίων εφημερίδων Αθηνών εξέδωσε ανακοίνωσιν καταδικάζουσα την στάσιν της κ. Βλάχου.

ΑΘΗΝΑΙ, 25.— Η διοίκησις της ενώσεως συντακτών ημερησίων εφημερίδων Αθηνών εξέδωσε ανακοίνωσιν καταδικάζουσα την στάσιν της κ. Βλάχου.

ΑΘΗΝΑΙ, 25.— Η διοίκησις της ενώσεως συντακτών ημερησίων εφημερίδων Αθηνών εξέδωσε ανακοίνωσιν καταδικάζουσα την στάσιν της κ. Βλάχου.

ΑΘΗΝΑΙ, 25.— Η διοίκησις της ενώσεως συντακτών ημερησίων εφημερίδων Αθηνών εξέδωσε ανακοίνωσιν καταδικάζουσα την στάσιν της κ. Βλάχου.

ΑΘΗΝΑΙ, 25.— Η διοίκησις της ενώσεως συντακτών ημερησίων εφημερίδων Αθηνών εξέδωσε ανακοίνωσιν καταδικάζουσα την στάσιν της κ. Βλάχου.

ΑΘΗΝΑΙ, 25.— Η διοίκησις της ενώσεως συντακτών ημερησίων εφημερίδων Αθηνών εξέδωσε ανακοίνωσιν καταδικάζουσα την στάσιν της κ. Βλάχου.

ΑΘΗΝΑΙ, 25.— Η διοίκησις της ενώσεως συντακτών ημερησίων εφημερίδων Αθηνών εξέδωσε ανακοίνωσιν καταδικάζουσα την στάσιν της κ. Βλάχου.

ΑΘΗΝΑΙ, 25.— Η διοίκησις της ενώσεως συντακτών ημερησίων εφημερίδων Αθηνών εξέδωσε ανακοίνωσιν καταδικάζουσα την στάσιν της κ. Βλάχου.

ΑΘΗΝΑΙ, 25.— Η διοίκησις της ενώσεως συντακτών ημερησίων εφημερίδων Αθηνών εξέδωσε ανακοίνωσιν καταδικάζουσα την στάσιν της κ. Βλάχου.

ΑΘΗΝΑΙ, 25.— Η διοίκησις της ενώσεως συντακτών ημερησίων εφημερίδων Αθηνών εξέδωσε ανακοίνωσιν καταδικάζουσα την στάσιν της κ. Βλάχου.

ΑΘΗΝΑΙ, 25.— Η διοίκησις της ενώσεως συντακτών ημερησίων εφημερίδων Αθηνών εξέδωσε ανακοίνωσιν καταδικάζουσα την στάσιν της κ. Βλάχου.

ΑΘΗΝΑΙ, 25.— Η διοίκησις της ενώσεως συντακτών ημερησίων εφημερίδων Αθηνών εξέδωσε ανακοίνωσιν καταδικάζουσα την στάσιν της κ. Βλάχου.

ΑΘΗΝΑΙ, 25.— Η διοίκησις της ενώσεως συντακτών ημερησίων εφημερίδων Αθηνών εξέδωσε ανακοίνωσιν καταδικάζουσα την στάσιν της κ. Βλάχου.

ΑΘΗΝΑΙ, 25.— Η διοίκησις της ενώσεως συντακτών ημερησίων εφημερίδων Αθηνών εξέδωσε ανακοίνωσιν καταδικάζουσα την στάσιν της κ. Βλάχου.

ΕΠΕΡΧΟΝΤΑΙ ΤΡΟΠΟΠΟΙΗΣΕΙΣ ΕΙΣ ΤΑ ΔΡΟΜΟΛΟΓΙΑ ΠΟΛΛΩΝ ΓΡΑΜΜΩΝ ΛΕΩΦΟΡΕΙΩΝ ΤΗΣ ΘΕΣΣΑΛΟΝΙΚΗΣ

Συμφώνως προς ανακοίνωσιν του Ο.Α.Σ.Θ. επέρχονται τροποποιήσεις εις τα δρομολόγια των γραμμών λεωφορείων της πόλεως.

Συμφώνως προς ανακοίνωσιν του Ο.Α.Σ.Θ. επέρχονται τροποποιήσεις εις τα δρομολόγια των γραμμών λεωφορείων της πόλεως.

Συμφώνως προς ανακοίνωσιν του Ο.Α.Σ.Θ. επέρχονται τροποποιήσεις εις τα δρομολόγια των γραμμών λεωφορείων της πόλεως.

Συμφώνως προς ανακοίνωσιν του Ο.Α.Σ.Θ. επέρχονται τροποποιήσεις εις τα δρομολόγια των γραμμών λεωφορείων της πόλεως.

Συμφώνως προς ανακοίνωσιν του Ο.Α.Σ.Θ. επέρχονται τροποποιήσεις εις τα δρομολόγια των γραμμών λεωφορείων της πόλεως.

Συμφώνως προς ανακοίνωσιν του Ο.Α.Σ.Θ. επέρχονται τροποποιήσεις εις τα δρομολόγια των γραμμών λεωφορείων της πόλεως.

Συμφώνως προς ανακοίνωσιν του Ο.Α.Σ.Θ. επέρχονται τροποποιήσεις εις τα δρομολόγια των γραμμών λεωφορείων της πόλεως.

Συμφώνως προς ανακοίνωσιν του Ο.Α.Σ.Θ. επέρχονται τροποποιήσεις εις τα δρομολόγια των γραμμών λεωφορείων της πόλεως.

Συμφώνως προς ανακοίνωσιν του Ο.Α.Σ.Θ. επέρχονται τροποποιήσεις εις τα δρομολόγια των γραμμών λεωφορείων της πόλεως.

Συμφώνως προς ανακοίνωσιν του Ο.Α.Σ.Θ. επέρχονται τροποποιήσεις εις τα δρομολόγια των γραμμών λεωφορείων της πόλεως.

ΕΘΝΙΚΟΝ ΛΑΧΕΙΟΝ
ΜΕΓΙΣΤΟΝ ΔΥΝΑΤΟΝ ΚΕΡΔΟΣ 7.000 000
